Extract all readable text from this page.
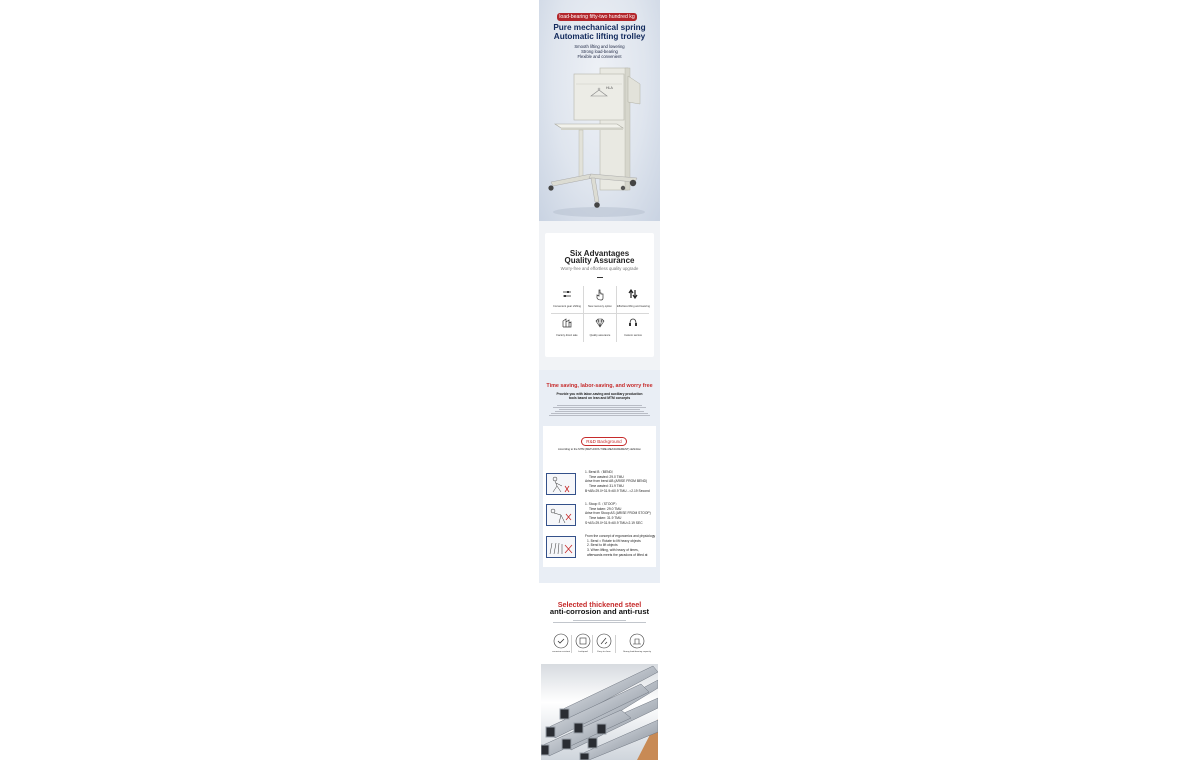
load-bearing fifty-two hundred kg
Pure mechanical spring
Automatic lifting trolley
Smooth lifting and lowering
Strong load-bearing
Flexible and convenient
HLA
Six Advantages
Quality Assurance
Worry-free and effortless quality upgrade
Convenient gear shifting	New recovery option	Effortless lifting and lowering
Factory direct sale	Quality assurance	Custom service
Time saving, labor-saving, and worry free
Provide you with labor-saving and auxiliary production
tools based on lean and MTM concepts
R&D Background
According to the MTM (METHODS-TIME-MEASUREMENT) definition
1. Bend B（BEND）
Time wasted: 29.0 TMU
Arise from bend AB (ARISE FROM BEND)
Time wasted: 31.9 TMU
B+AB=29.0+31.9=60.9 TMU...=2.19 Second
1. Stoop S（STOOP）
Time taken: 29.0 TMU
Arise from Stoop AS (ARISE FROM STOOP)
Time taken: 31.9 TMU
S+AS=29.0+31.9=60.9 TMU=2.19 SEC
From the concept of ergonomics and physiology
1. Bend = Rotate to lift heavy objects
2. Bend to lift objects
3. When lifting, with heavy of times,
afterwards meets the paradoxs of lifted at
Selected thickened steel
anti-corrosion and anti-rust
corrosion resistant	Leakproof	Easy to clean	Strong load-bearing capacity
